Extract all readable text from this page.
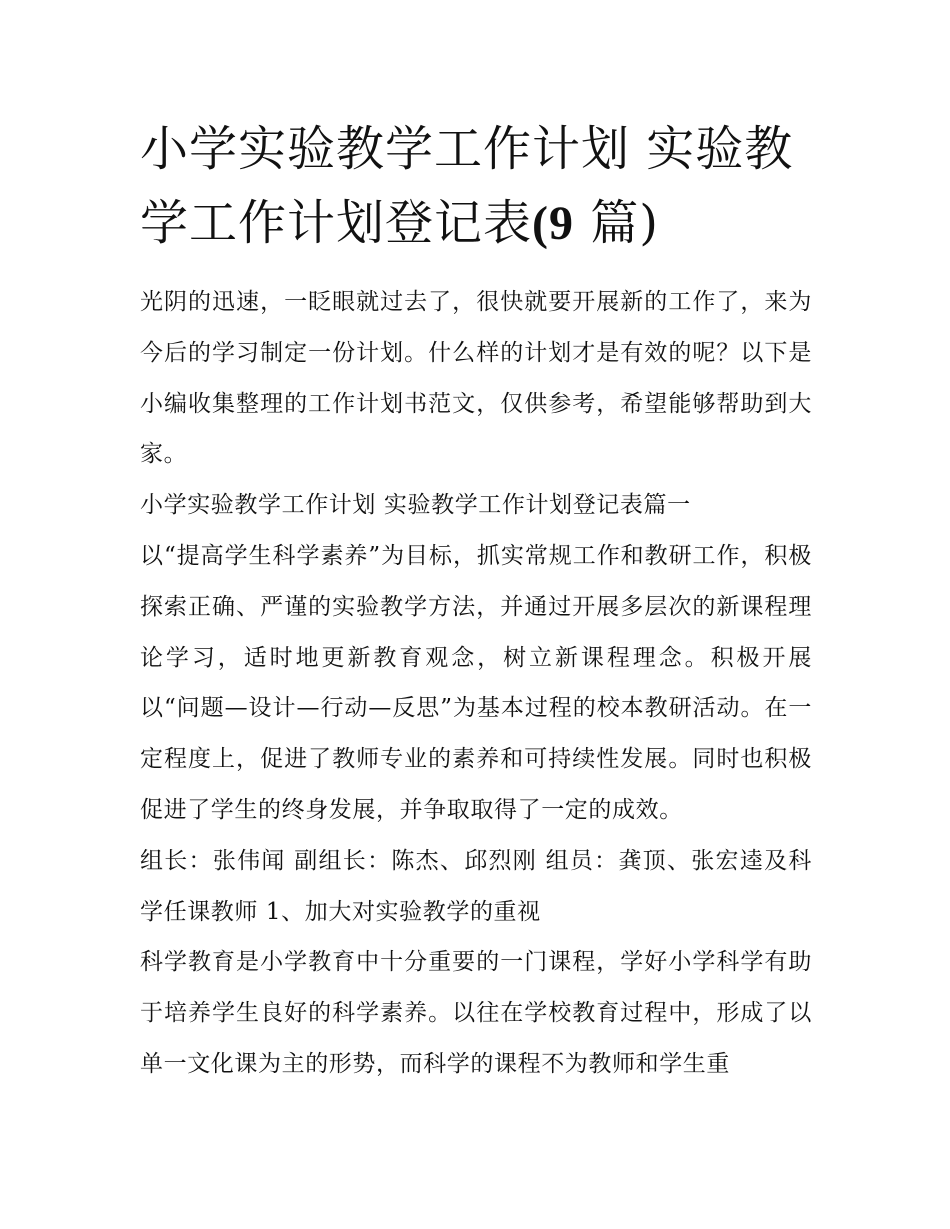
小学实验教学工作计划 实验教
学工作计划登记表(9 篇)

光阴的迅速，一眨眼就过去了，很快就要开展新的工作了，来为今后的学习制定一份计划。什么样的计划才是有效的呢？以下是小编收集整理的工作计划书范文，仅供参考，希望能够帮助到大家。

小学实验教学工作计划 实验教学工作计划登记表篇一

以“提高学生科学素养”为目标，抓实常规工作和教研工作，积极探索正确、严谨的实验教学方法，并通过开展多层次的新课程理论学习，适时地更新教育观念，树立新课程理念。积极开展以“问题—设计—行动—反思”为基本过程的校本教研活动。在一定程度上，促进了教师专业的素养和可持续性发展。同时也积极促进了学生的终身发展，并争取取得了一定的成效。

组长：张伟闻 副组长：陈杰、邱烈刚 组员：龚顶、张宏逵及科学任课教师 1、加大对实验教学的重视

科学教育是小学教育中十分重要的一门课程，学好小学科学有助于培养学生良好的科学素养。以往在学校教育过程中，形成了以单一文化课为主的形势，而科学的课程不为教师和学生重
